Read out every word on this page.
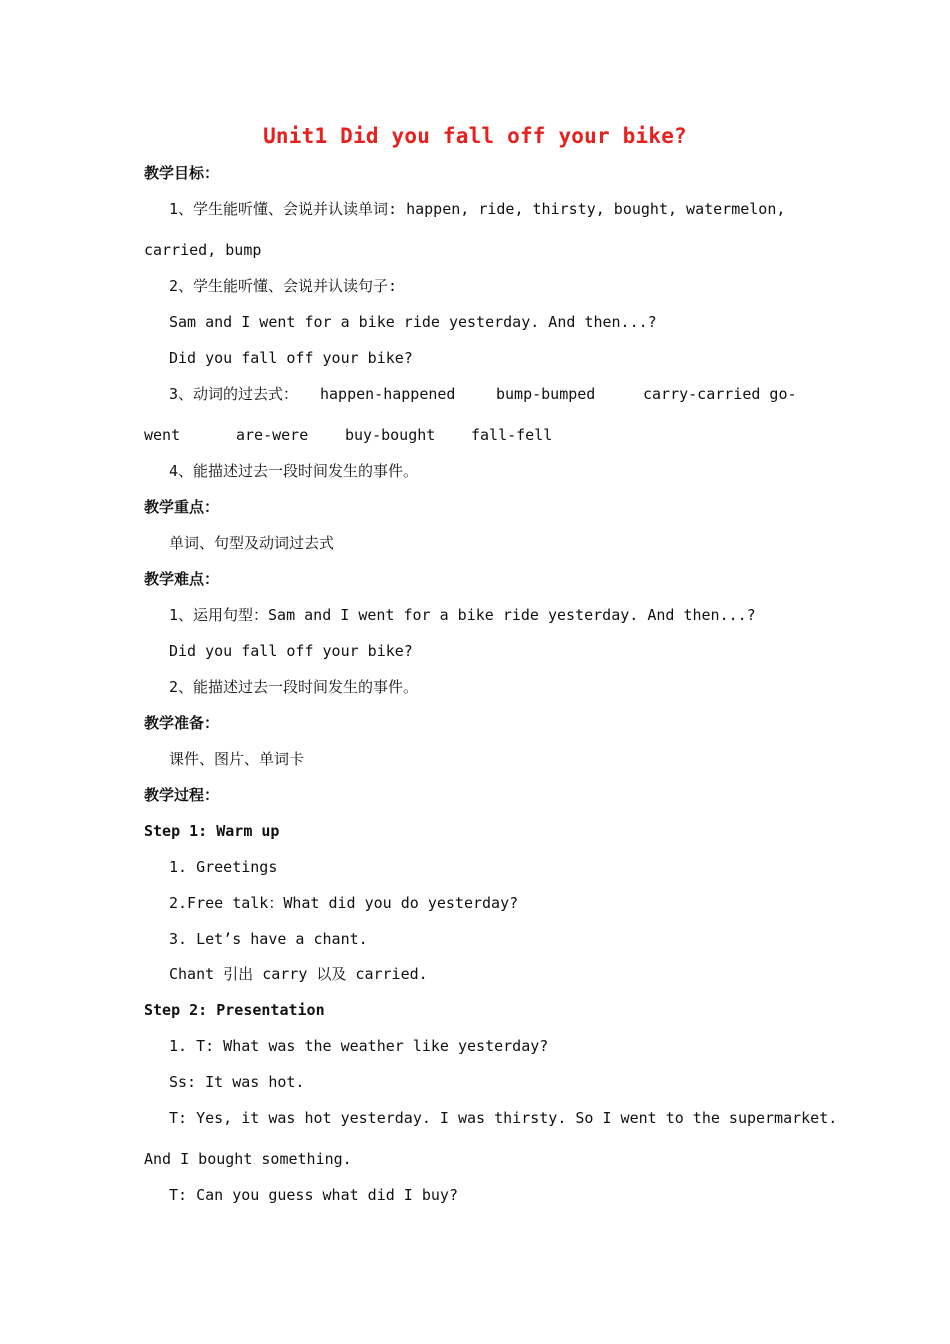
Unit1 Did you fall off your bike?
教学目标：
1、学生能听懂、会说并认读单词: happen, ride, thirsty, bought, watermelon,
carried, bump
2、学生能听懂、会说并认读句子:
Sam and I went for a bike ride yesterday. And then...?
Did you fall off your bike?
3、动词的过去式： happen-happened	bump-bumped	carry-carried go-
went	are-were buy-bought fall-fell
4、能描述过去一段时间发生的事件。
教学重点：
单词、句型及动词过去式
教学难点：
1、运用句型：Sam and I went for a bike ride yesterday. And then...?
Did you fall off your bike?
2、能描述过去一段时间发生的事件。
教学准备：
课件、图片、单词卡
教学过程：
Step 1: Warm up
1. Greetings
2.Free talk：What did you do yesterday?
3. Let’s have a chant.
Chant 引出 carry 以及 carried.
Step 2: Presentation
1. T: What was the weather like yesterday?
Ss: It was hot.
T: Yes, it was hot yesterday. I was thirsty. So I went to the supermarket.
And I bought something.
T: Can you guess what did I buy?
